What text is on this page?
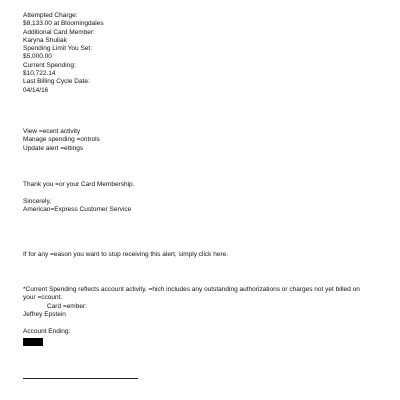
Attempted Charge:
$8,133.00 at Bloomingdales
Additional Card Member:
Karyna Shuliak
Spending Limit You Set:
$5,000.00
Current Spending:
$10,722.14
Last Billing Cycle Date:
04/14/16
View =ecent activity
Manage spending =ontrols
Update alert =ettings
Thank you =or your Card Membership.
Sincerely,
American=Express Customer Service
If for any =eason you want to stop receiving this alert, simply click here.
*Current Spending reflects account activity, =hich includes any outstanding authorizations or charges not yet billed on
your =ccount.
Card =ember:
Jeffrey Epstein
Account Ending:
